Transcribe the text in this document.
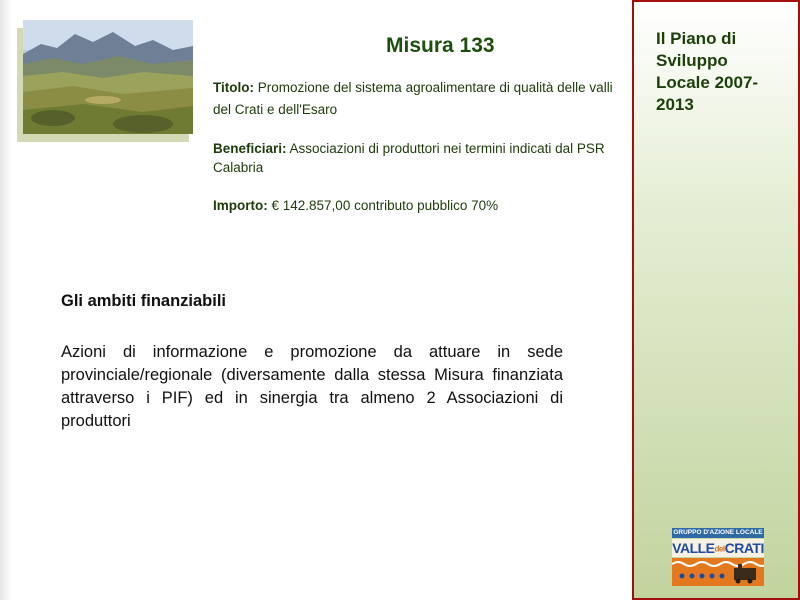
Misura 133

Titolo: Promozione del sistema agroalimentare di qualità delle valli del Crati e dell'Esaro

Beneficiari: Associazioni di produttori nei termini indicati dal PSR Calabria

Importo: € 142.857,00 contributo pubblico 70%

Gli ambiti finanziabili

Azioni di informazione e promozione da attuare in sede provinciale/regionale (diversamente dalla stessa Misura finanziata attraverso i PIF) ed in sinergia tra almeno 2 Associazioni di produttori

Il Piano di Sviluppo Locale 2007-2013

GRUPPO D'AZIONE LOCALE
VALLEdelCRATI
